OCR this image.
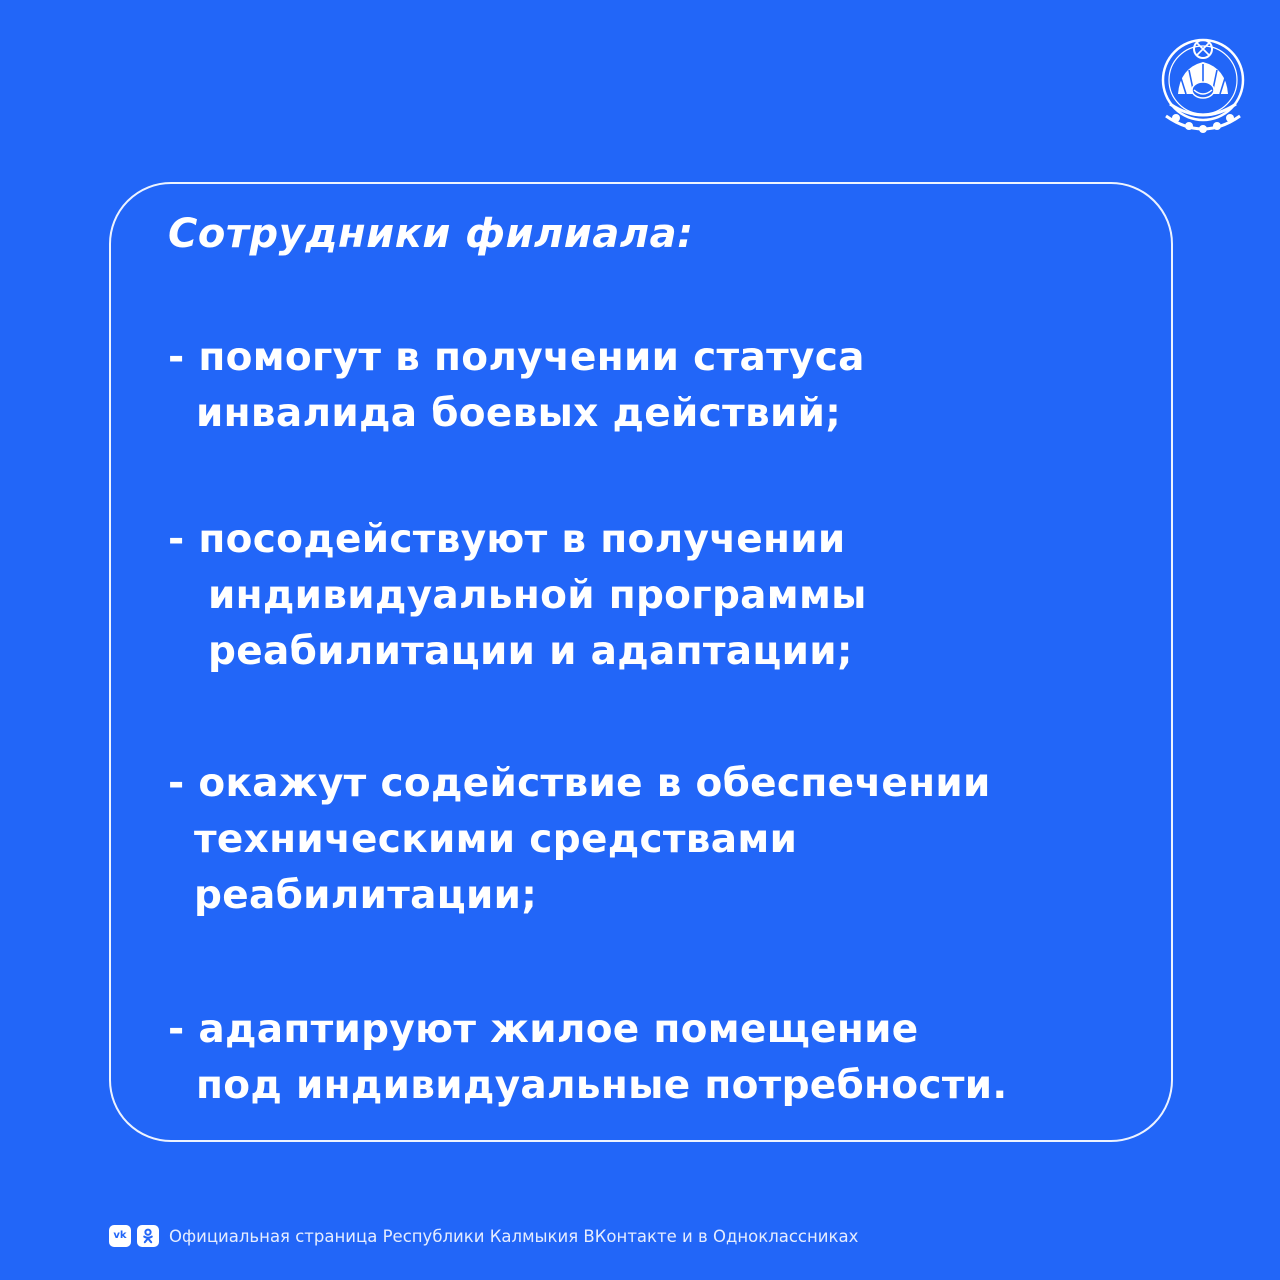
Сотрудники филиала:

- помогут в получении статуса
инвалида боевых действий;

- посодействуют в получении
индивидуальной программы
реабилитации и адаптации;

- окажут содействие в обеспечении
техническими средствами
реабилитации;

- адаптируют жилое помещение
под индивидуальные потребности.

vk	Официальная страница Республики Калмыкия ВКонтакте и в Одноклассниках
